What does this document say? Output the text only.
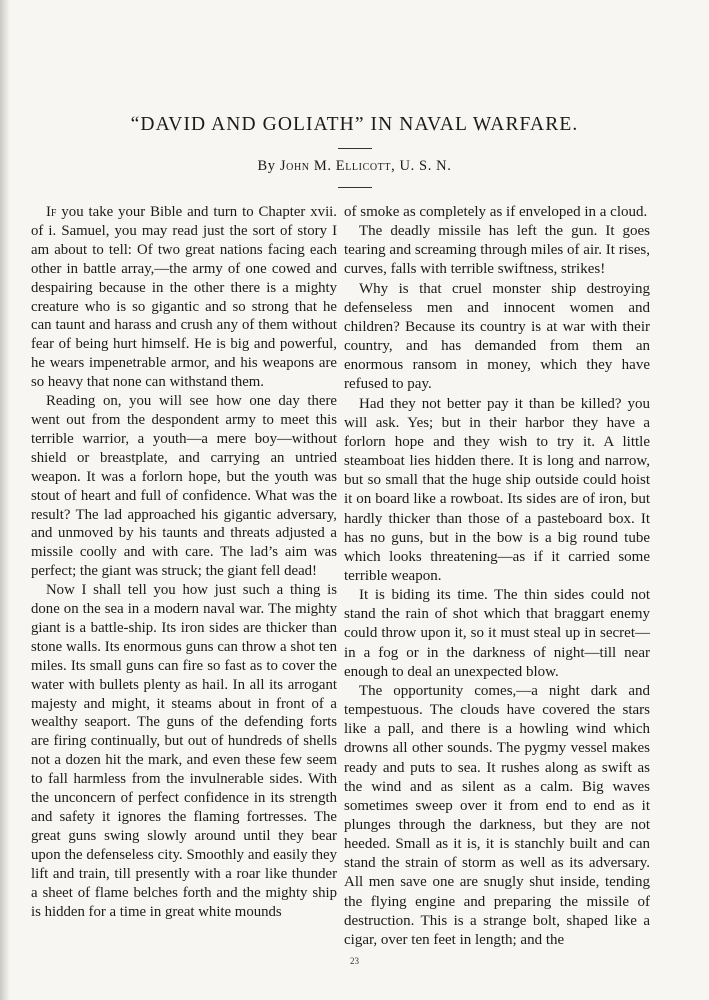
“DAVID AND GOLIATH” IN NAVAL WARFARE.
By John M. Ellicott, U. S. N.

If you take your Bible and turn to Chapter xvii. of i. Samuel, you may read just the sort of story I am about to tell: Of two great nations facing each other in battle array,—the army of one cowed and despairing because in the other there is a mighty creature who is so gigantic and so strong that he can taunt and harass and crush any of them without fear of being hurt himself. He is big and powerful, he wears impenetrable armor, and his weapons are so heavy that none can withstand them.

Reading on, you will see how one day there went out from the despondent army to meet this terrible warrior, a youth—a mere boy—without shield or breastplate, and carrying an untried weapon. It was a forlorn hope, but the youth was stout of heart and full of confidence. What was the result? The lad approached his gigantic adversary, and unmoved by his taunts and threats adjusted a missile coolly and with care. The lad’s aim was perfect; the giant was struck; the giant fell dead!

Now I shall tell you how just such a thing is done on the sea in a modern naval war. The mighty giant is a battle-ship. Its iron sides are thicker than stone walls. Its enormous guns can throw a shot ten miles. Its small guns can fire so fast as to cover the water with bullets plenty as hail. In all its arrogant majesty and might, it steams about in front of a wealthy seaport. The guns of the defending forts are firing continually, but out of hundreds of shells not a dozen hit the mark, and even these few seem to fall harmless from the invulnerable sides. With the unconcern of perfect confidence in its strength and safety it ignores the flaming fortresses. The great guns swing slowly around until they bear upon the defenseless city. Smoothly and easily they lift and train, till presently with a roar like thunder a sheet of flame belches forth and the mighty ship is hidden for a time in great white mounds

of smoke as completely as if enveloped in a cloud.

The deadly missile has left the gun. It goes tearing and screaming through miles of air. It rises, curves, falls with terrible swiftness, strikes!

Why is that cruel monster ship destroying defenseless men and innocent women and children? Because its country is at war with their country, and has demanded from them an enormous ransom in money, which they have refused to pay.

Had they not better pay it than be killed? you will ask. Yes; but in their harbor they have a forlorn hope and they wish to try it. A little steamboat lies hidden there. It is long and narrow, but so small that the huge ship outside could hoist it on board like a rowboat. Its sides are of iron, but hardly thicker than those of a pasteboard box. It has no guns, but in the bow is a big round tube which looks threatening—as if it carried some terrible weapon.

It is biding its time. The thin sides could not stand the rain of shot which that braggart enemy could throw upon it, so it must steal up in secret—in a fog or in the darkness of night—till near enough to deal an unexpected blow.

The opportunity comes,—a night dark and tempestuous. The clouds have covered the stars like a pall, and there is a howling wind which drowns all other sounds. The pygmy vessel makes ready and puts to sea. It rushes along as swift as the wind and as silent as a calm. Big waves sometimes sweep over it from end to end as it plunges through the darkness, but they are not heeded. Small as it is, it is stanchly built and can stand the strain of storm as well as its adversary. All men save one are snugly shut inside, tending the flying engine and preparing the missile of destruction. This is a strange bolt, shaped like a cigar, over ten feet in length; and the

23
